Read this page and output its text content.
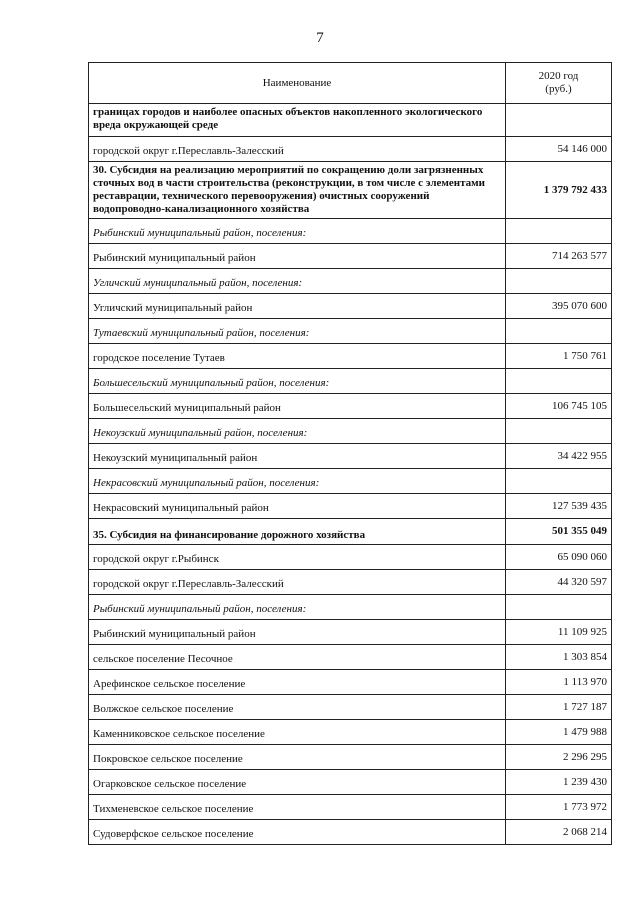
7
Наименование	2020 год
(руб.)

границах городов и наиболее опасных объектов накопленного экологического вреда окружающей среде	
городской округ г.Переславль-Залесский	54 146 000
30. Субсидия на реализацию мероприятий по сокращению доли загрязненных сточных вод в части строительства (реконструкции, в том числе с элементами реставрации, технического перевооружения) очистных сооружений водопроводно-канализационного хозяйства	1 379 792 433
Рыбинский муниципальный район, поселения:	
Рыбинский муниципальный район	714 263 577
Угличский муниципальный район, поселения:	
Угличский муниципальный район	395 070 600
Тутаевский муниципальный район, поселения:	
городское поселение Тутаев	1 750 761
Большесельский муниципальный район, поселения:	
Большесельский муниципальный район	106 745 105
Некоузский муниципальный район, поселения:	
Некоузский муниципальный район	34 422 955
Некрасовский муниципальный район, поселения:	
Некрасовский муниципальный район	127 539 435
35. Субсидия на финансирование дорожного хозяйства	501 355 049
городской округ г.Рыбинск	65 090 060
городской округ г.Переславль-Залесский	44 320 597
Рыбинский муниципальный район, поселения:	
Рыбинский муниципальный район	11 109 925
сельское поселение Песочное	1 303 854
Арефинское сельское поселение	1 113 970
Волжское сельское поселение	1 727 187
Каменниковское сельское поселение	1 479 988
Покровское сельское поселение	2 296 295
Огарковское сельское поселение	1 239 430
Тихменевское сельское поселение	1 773 972
Судоверфское сельское поселение	2 068 214
